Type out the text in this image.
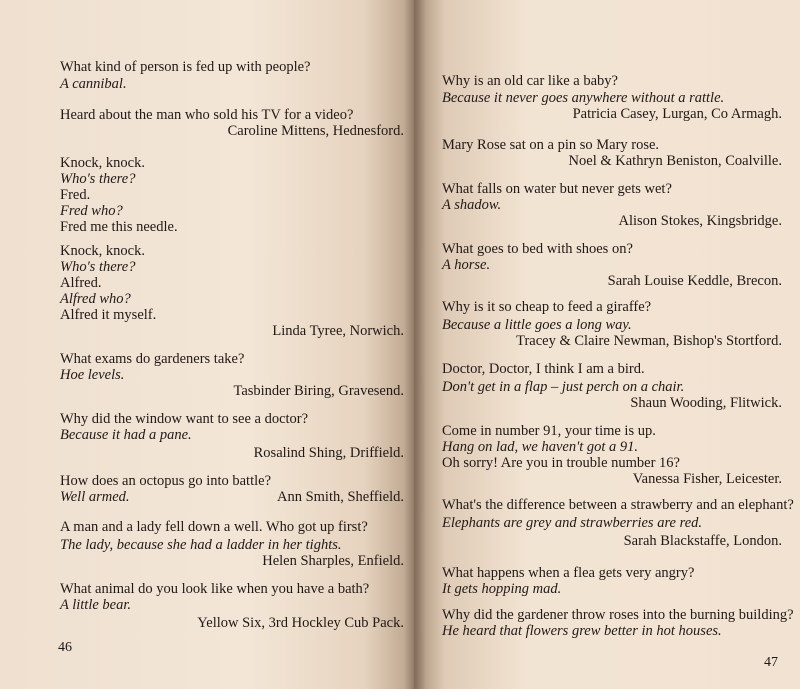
46
What kind of person is fed up with people?
A cannibal.
Heard about the man who sold his TV for a video?
Caroline Mittens, Hednesford.
Knock, knock.
Who's there?
Fred.
Fred who?
Fred me this needle.
Knock, knock.
Who's there?
Alfred.
Alfred who?
Alfred it myself.
Linda Tyree, Norwich.
What exams do gardeners take?
Hoe levels.
Tasbinder Biring, Gravesend.
Why did the window want to see a doctor?
Because it had a pane.
Rosalind Shing, Driffield.
How does an octopus go into battle?
Well armed.	Ann Smith, Sheffield.
A man and a lady fell down a well. Who got up first?
The lady, because she had a ladder in her tights.
Helen Sharples, Enfield.
What animal do you look like when you have a bath?
A little bear.
Yellow Six, 3rd Hockley Cub Pack.
47
Why is an old car like a baby?
Because it never goes anywhere without a rattle.
Patricia Casey, Lurgan, Co Armagh.
Mary Rose sat on a pin so Mary rose.
Noel & Kathryn Beniston, Coalville.
What falls on water but never gets wet?
A shadow.
Alison Stokes, Kingsbridge.
What goes to bed with shoes on?
A horse.
Sarah Louise Keddle, Brecon.
Why is it so cheap to feed a giraffe?
Because a little goes a long way.
Tracey & Claire Newman, Bishop's Stortford.
Doctor, Doctor, I think I am a bird.
Don't get in a flap – just perch on a chair.
Shaun Wooding, Flitwick.
Come in number 91, your time is up.
Hang on lad, we haven't got a 91.
Oh sorry! Are you in trouble number 16?
Vanessa Fisher, Leicester.
What's the difference between a strawberry and an elephant?
Elephants are grey and strawberries are red.
Sarah Blackstaffe, London.
What happens when a flea gets very angry?
It gets hopping mad.
Why did the gardener throw roses into the burning building?
He heard that flowers grew better in hot houses.
